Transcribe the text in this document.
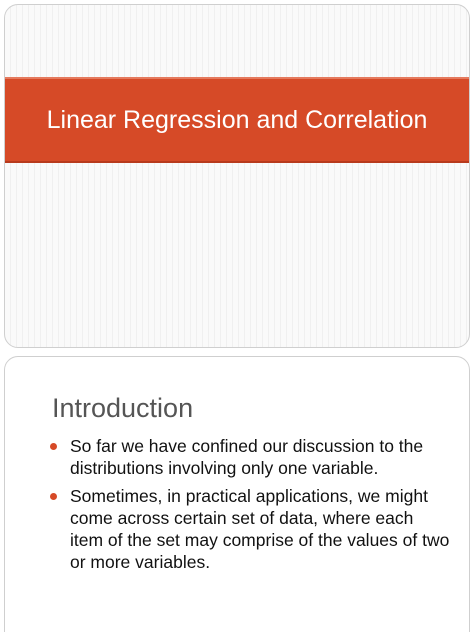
Linear Regression and Correlation
Introduction
So far we have confined our discussion to the distributions involving only one variable.
Sometimes, in practical applications, we might come across certain set of data, where each item of the set may comprise of the values of two or more variables.
